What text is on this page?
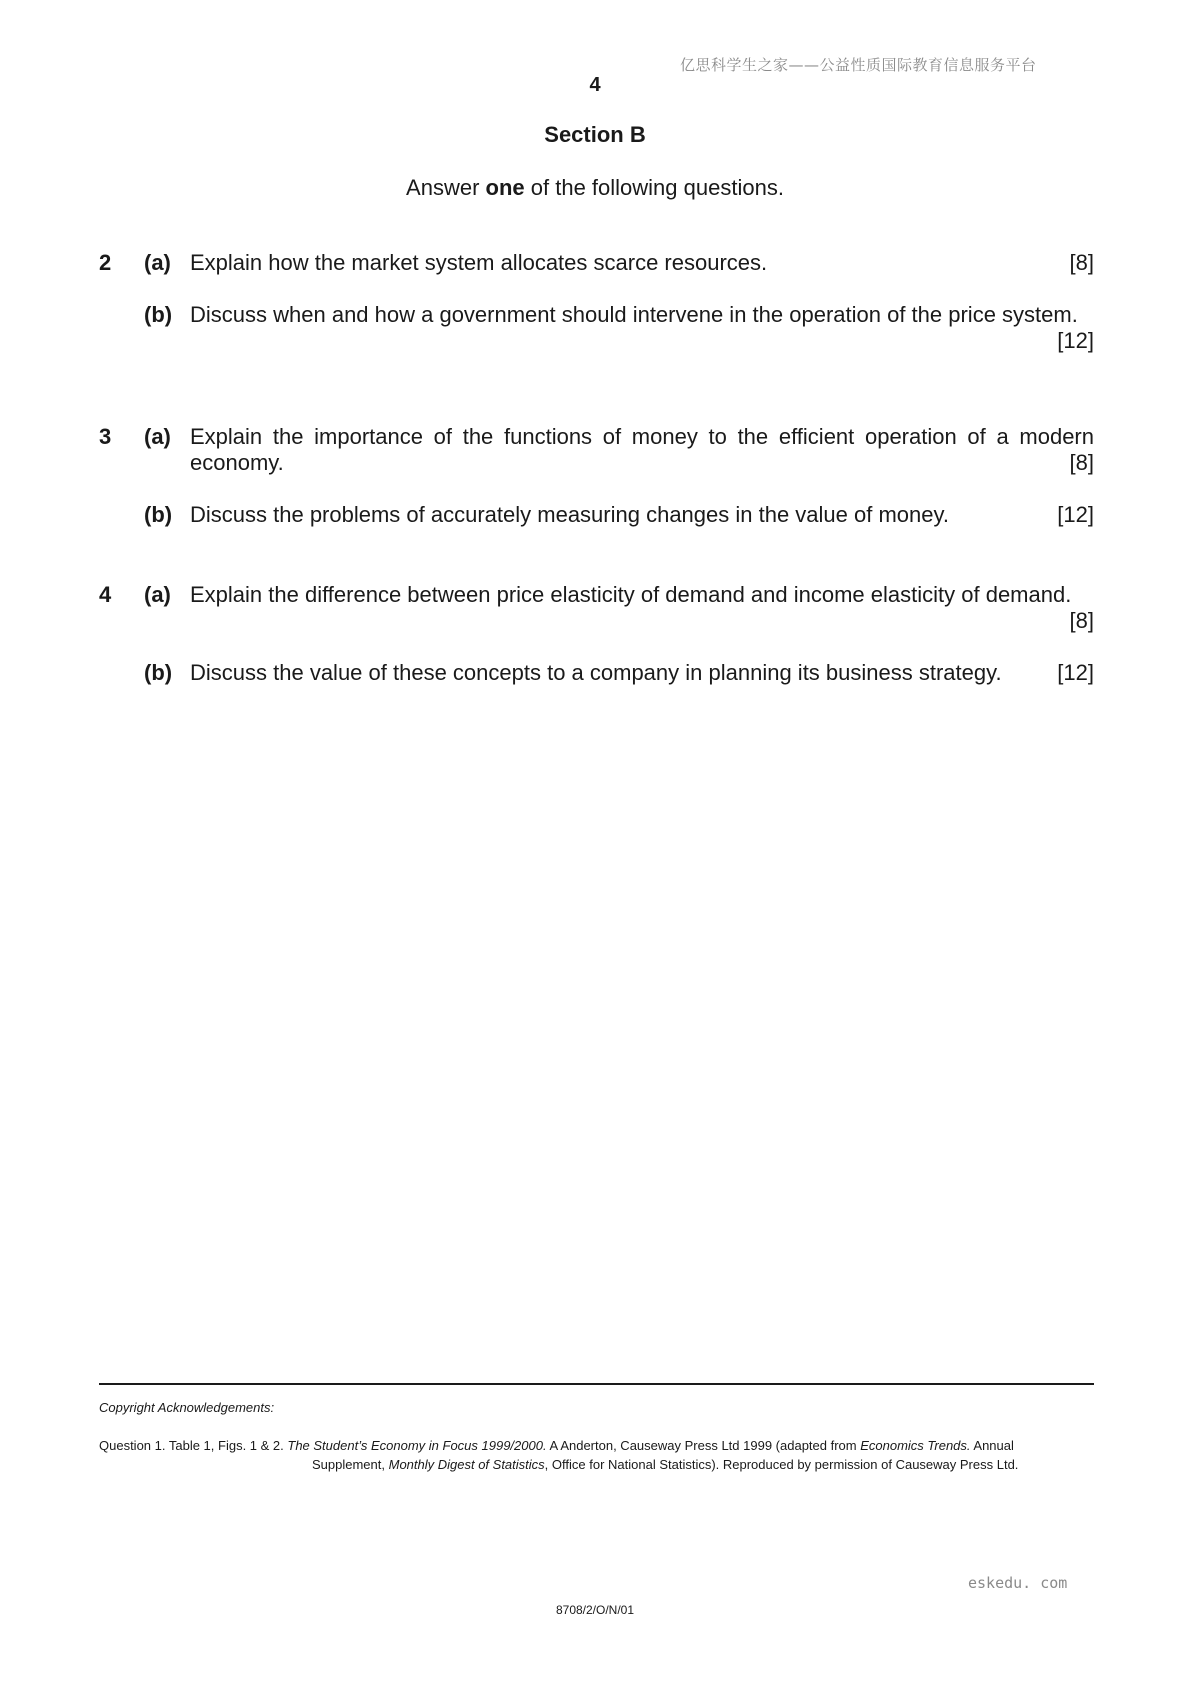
亿思科学生之家——公益性质国际教育信息服务平台
4
Section B
Answer one of the following questions.
2 (a)	[8]
Explain how the market system allocates scarce resources.
(b) Discuss when and how a government should intervene in the operation of the price system.
[12]
3 (a) Explain the importance of the functions of money to the efficient operation of a modern
[8]
economy.
(b)	[12]
Discuss the problems of accurately measuring changes in the value of money.
4 (a) Explain the difference between price elasticity of demand and income elasticity of demand.
[8]
(b)	[12]
Discuss the value of these concepts to a company in planning its business strategy.
Copyright Acknowledgements:
Question 1. Table 1, Figs. 1 & 2. The Student’s Economy in Focus 1999/2000. A Anderton, Causeway Press Ltd 1999 (adapted from Economics Trends. Annual
Supplement, Monthly Digest of Statistics, Office for National Statistics). Reproduced by permission of Causeway Press Ltd.
eskedu. com
8708/2/O/N/01
